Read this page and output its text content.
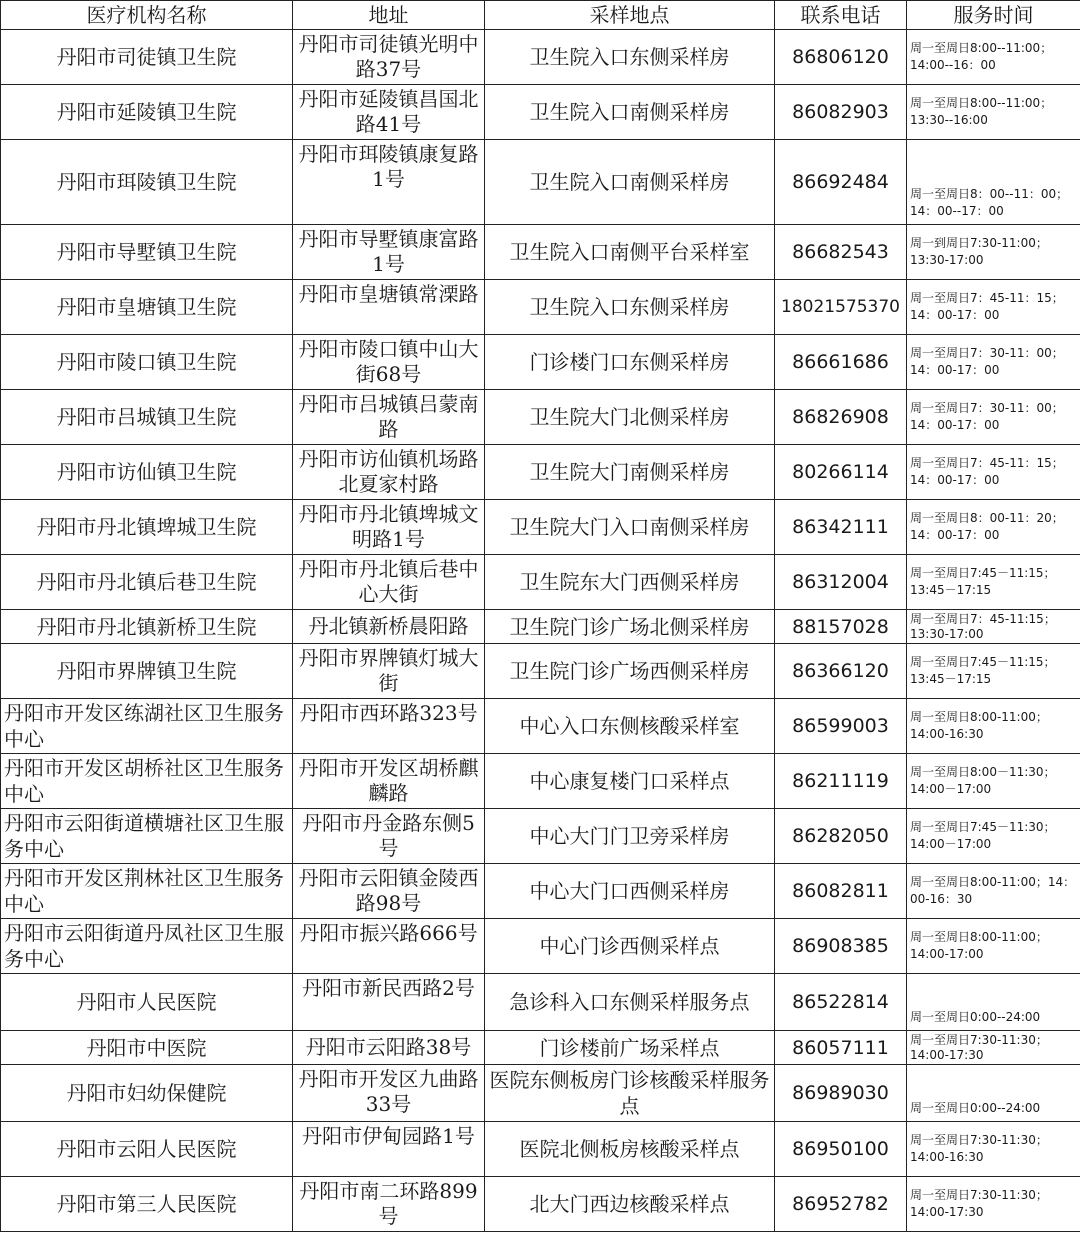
医疗机构名称	地址	采样地点	联系电话	服务时间
丹阳市司徒镇卫生院	丹阳市司徒镇光明中路37号	卫生院入口东侧采样房	86806120	周一至周日8:00--11:00；14:00--16：00
丹阳市延陵镇卫生院	丹阳市延陵镇昌国北路41号	卫生院入口南侧采样房	86082903	周一至周日8:00--11:00；13:30--16:00
丹阳市珥陵镇卫生院	丹阳市珥陵镇康复路1号	卫生院入口南侧采样房	86692484	周一至周日8：00--11：00；14：00--17：00
丹阳市导墅镇卫生院	丹阳市导墅镇康富路1号	卫生院入口南侧平台采样室	86682543	周一到周日7:30-11:00；13:30-17:00
丹阳市皇塘镇卫生院	丹阳市皇塘镇常溧路	卫生院入口东侧采样房	18021575370	周一至周日7：45-11：15；14：00-17：00
丹阳市陵口镇卫生院	丹阳市陵口镇中山大街68号	门诊楼门口东侧采样房	86661686	周一至周日7：30-11：00；14：00-17：00
丹阳市吕城镇卫生院	丹阳市吕城镇吕蒙南路	卫生院大门北侧采样房	86826908	周一至周日7：30-11：00；14：00-17：00
丹阳市访仙镇卫生院	丹阳市访仙镇机场路北夏家村路	卫生院大门南侧采样房	80266114	周一至周日7：45-11：15；14：00-17：00
丹阳市丹北镇埤城卫生院	丹阳市丹北镇埤城文明路1号	卫生院大门入口南侧采样房	86342111	周一至周日8：00-11：20；14：00-17：00
丹阳市丹北镇后巷卫生院	丹阳市丹北镇后巷中心大街	卫生院东大门西侧采样房	86312004	周一至周日7:45－11:15；13:45－17:15
丹阳市丹北镇新桥卫生院	丹北镇新桥晨阳路	卫生院门诊广场北侧采样房	88157028	周一至周日7：45-11:15；13:30-17:00
丹阳市界牌镇卫生院	丹阳市界牌镇灯城大街	卫生院门诊广场西侧采样房	86366120	周一至周日7:45－11:15；13:45－17:15
丹阳市开发区练湖社区卫生服务中心	丹阳市西环路323号	中心入口东侧核酸采样室	86599003	周一至周日8:00-11:00；14:00-16:30
丹阳市开发区胡桥社区卫生服务中心	丹阳市开发区胡桥麒麟路	中心康复楼门口采样点	86211119	周一至周日8:00－11:30；14:00－17:00
丹阳市云阳街道横塘社区卫生服务中心	丹阳市丹金路东侧5号	中心大门门卫旁采样房	86282050	周一至周日7:45－11:30；14:00－17:00
丹阳市开发区荆林社区卫生服务中心	丹阳市云阳镇金陵西路98号	中心大门口西侧采样房	86082811	周一至周日8:00-11:00；14：00-16：30
丹阳市云阳街道丹凤社区卫生服务中心	丹阳市振兴路666号	中心门诊西侧采样点	86908385	周一至周日8:00-11:00；14:00-17:00
丹阳市人民医院	丹阳市新民西路2号	急诊科入口东侧采样服务点	86522814	周一至周日0:00--24:00
丹阳市中医院	丹阳市云阳路38号	门诊楼前广场采样点	86057111	周一至周日7:30-11:30；14:00-17:30
丹阳市妇幼保健院	丹阳市开发区九曲路33号	医院东侧板房门诊核酸采样服务点	86989030	周一至周日0:00--24:00
丹阳市云阳人民医院	丹阳市伊甸园路1号	医院北侧板房核酸采样点	86950100	周一至周日7:30-11:30；14:00-16:30
丹阳市第三人民医院	丹阳市南二环路899号	北大门西边核酸采样点	86952782	周一至周日7:30-11:30；14:00-17:30
